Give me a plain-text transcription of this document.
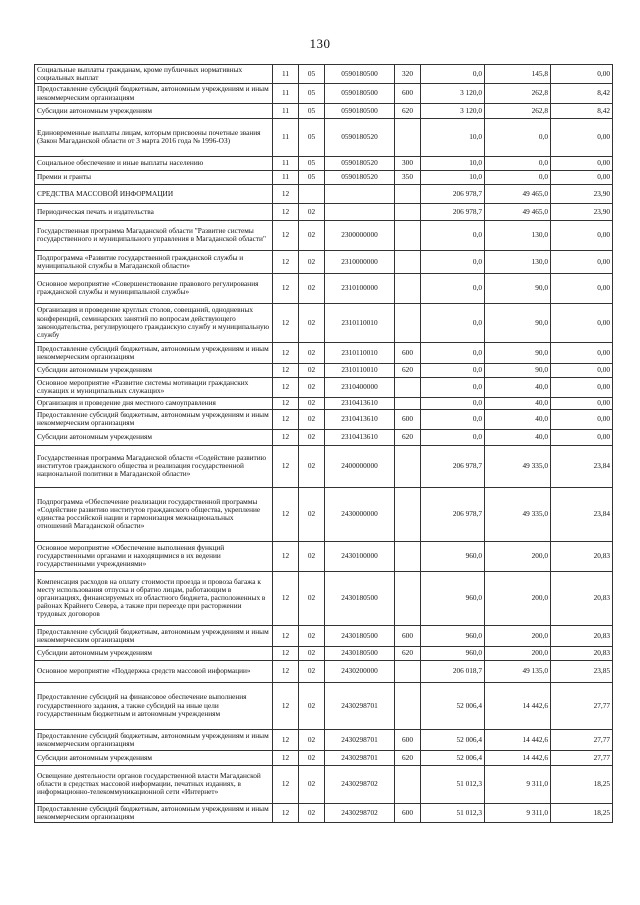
130
Социальные выплаты гражданам, кроме публичных нормативных социальных выплат	11	05	0590180500	320	0,0	145,8	0,00
Предоставление субсидий бюджетным, автономным учреждениям и иным некоммерческим организациям	11	05	0590180500	600	3 120,0	262,8	8,42
Субсидии автономным учреждениям	11	05	0590180500	620	3 120,0	262,8	8,42
Единовременные выплаты лицам, которым присвоены почетные звания (Закон Магаданской области от 3 марта 2016 года № 1996-ОЗ)	11	05	0590180520		10,0	0,0	0,00
Социальное обеспечение и иные выплаты населению	11	05	0590180520	300	10,0	0,0	0,00
Премии и гранты	11	05	0590180520	350	10,0	0,0	0,00
СРЕДСТВА МАССОВОЙ ИНФОРМАЦИИ	12				206 978,7	49 465,0	23,90
Периодическая печать и издательства	12	02			206 978,7	49 465,0	23,90
Государственная программа Магаданской области "Развитие системы государственного и муниципального управления в Магаданской области"	12	02	2300000000		0,0	130,0	0,00
Подпрограмма «Развитие государственной гражданской службы и муниципальной службы в Магаданской области»	12	02	2310000000		0,0	130,0	0,00
Основное мероприятие «Совершенствование правового регулирования гражданской службы и муниципальной службы»	12	02	2310100000		0,0	90,0	0,00
Организация и проведение круглых столов, совещаний, однодневных конференций, семинарских занятий по вопросам действующего законодательства, регулирующего гражданскую службу и муниципальную службу	12	02	2310110010		0,0	90,0	0,00
Предоставление субсидий бюджетным, автономным учреждениям и иным некоммерческим организациям	12	02	2310110010	600	0,0	90,0	0,00
Субсидии автономным учреждениям	12	02	2310110010	620	0,0	90,0	0,00
Основное мероприятие «Развитие системы мотивации гражданских служащих и муниципальных служащих»	12	02	2310400000		0,0	40,0	0,00
Организация и проведение дня местного самоуправления	12	02	2310413610		0,0	40,0	0,00
Предоставление субсидий бюджетным, автономным учреждениям и иным некоммерческим организациям	12	02	2310413610	600	0,0	40,0	0,00
Субсидии автономным учреждениям	12	02	2310413610	620	0,0	40,0	0,00
Государственная программа Магаданской области «Содействие развитию институтов гражданского общества и реализация государственной национальной политики в Магаданской области»	12	02	2400000000		206 978,7	49 335,0	23,84
Подпрограмма «Обеспечение реализации государственной программы «Содействие развитию институтов гражданского общества, укрепление единства российской нации и гармонизация межнациональных отношений Магаданской области»	12	02	2430000000		206 978,7	49 335,0	23,84
Основное мероприятие «Обеспечение выполнения функций государственными органами и находящимися в их ведении государственными учреждениями»	12	02	2430100000		960,0	200,0	20,83
Компенсация расходов на оплату стоимости проезда и провоза багажа к месту использования отпуска и обратно лицам, работающим в организациях, финансируемых из областного бюджета, расположенных в районах Крайнего Севера, а также при переезде при расторжении трудовых договоров	12	02	2430180500		960,0	200,0	20,83
Предоставление субсидий бюджетным, автономным учреждениям и иным некоммерческим организациям	12	02	2430180500	600	960,0	200,0	20,83
Субсидии автономным учреждениям	12	02	2430180500	620	960,0	200,0	20,83
Основное мероприятие «Поддержка средств массовой информации»	12	02	2430200000		206 018,7	49 135,0	23,85
Предоставление субсидий на финансовое обеспечение выполнения государственного задания, а также субсидий на иные цели государственным бюджетным и автономным учреждениям	12	02	2430298701		52 006,4	14 442,6	27,77
Предоставление субсидий бюджетным, автономным учреждениям и иным некоммерческим организациям	12	02	2430298701	600	52 006,4	14 442,6	27,77
Субсидии автономным учреждениям	12	02	2430298701	620	52 006,4	14 442,6	27,77
Освещение деятельности органов государственной власти Магаданской области в средствах массовой информации, печатных изданиях, в информационно-телекоммуникационной сети «Интернет»	12	02	2430298702		51 012,3	9 311,0	18,25
Предоставление субсидий бюджетным, автономным учреждениям и иным некоммерческим организациям	12	02	2430298702	600	51 012,3	9 311,0	18,25
